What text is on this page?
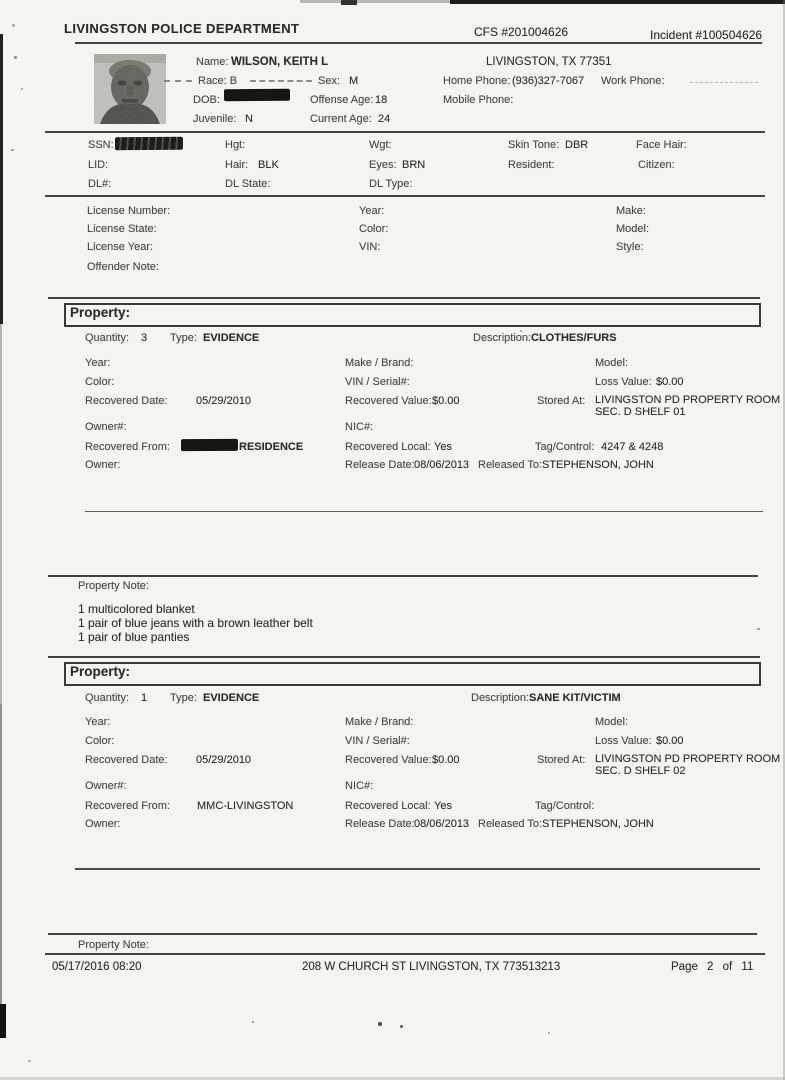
LIVINGSTON POLICE DEPARTMENT	CFS #201004626	Incident #100504626
Name: WILSON, KEITH L	LIVINGSTON, TX 77351
Race: B	Sex: M	Home Phone: (936)327-7067 Work Phone:
DOB:	Offense Age: 18	Mobile Phone:
Juvenile: N	Current Age: 24
SSN:	Hgt:	Wgt:	Skin Tone: DBR	Face Hair:
LID:	Hair: BLK	Eyes: BRN	Resident:	Citizen:
DL#:	DL State:	DL Type:
License Number:	Year:	Make:
License State:	Color:	Model:
License Year:	VIN:	Style:
Offender Note:
Property:
Quantity: 3 Type: EVIDENCE	Description: CLOTHES/FURS
Year:	Make / Brand:	Model:
Color:	VIN / Serial#:	Loss Value: $0.00
Recovered Date:	05/29/2010	Recovered Value: $0.00	Stored At: LIVINGSTON PD PROPERTY ROOM
SEC. D SHELF 01
Owner#:	NIC#:
Recovered From:	RESIDENCE	Recovered Local: Yes	Tag/Control: 4247 & 4248
Owner:	Release Date: 08/06/2013 Released To: STEPHENSON, JOHN
Property Note:
1 multicolored blanket
1 pair of blue jeans with a brown leather belt
1 pair of blue panties
Property:
Quantity: 1 Type: EVIDENCE	Description: SANE KIT/VICTIM
Year:	Make / Brand:	Model:
Color:	VIN / Serial#:	Loss Value: $0.00
Recovered Date:	05/29/2010	Recovered Value: $0.00	Stored At: LIVINGSTON PD PROPERTY ROOM
SEC. D SHELF 02
Owner#:	NIC#:
Recovered From: MMC-LIVINGSTON	Recovered Local: Yes	Tag/Control:
Owner:	Release Date: 08/06/2013 Released To: STEPHENSON, JOHN
Property Note:
05/17/2016 08:20	208 W CHURCH ST LIVINGSTON, TX 773513213	Page 2 of 11
